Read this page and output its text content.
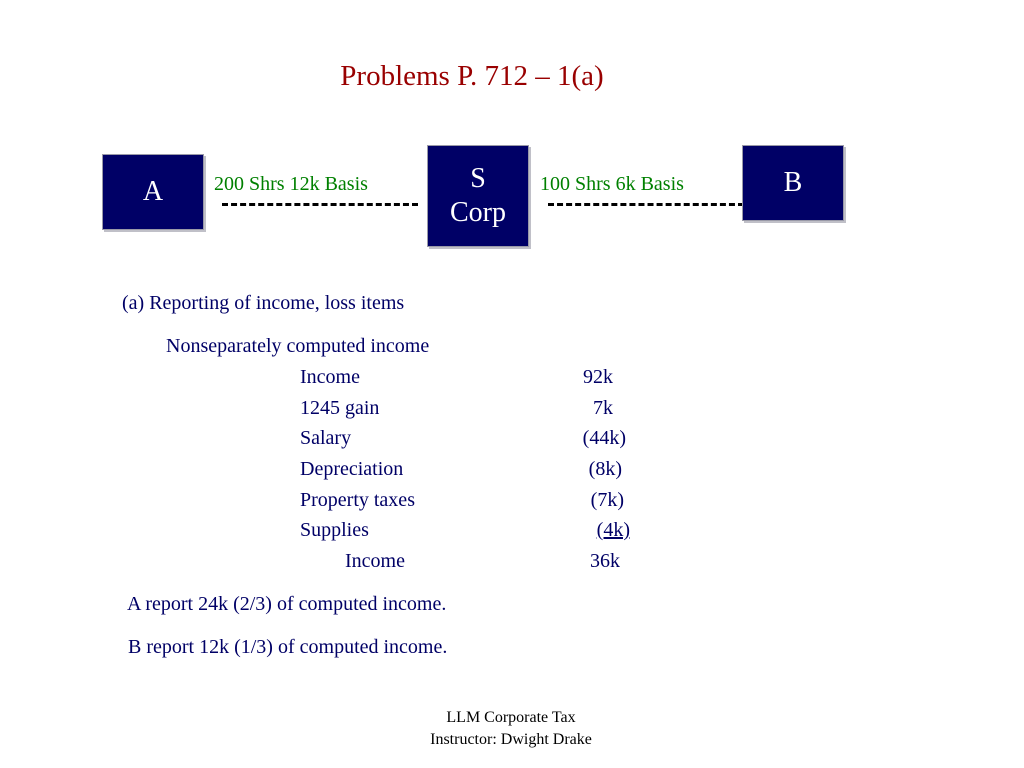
Problems P. 712 – 1(a)
A	200 Shrs 12k Basis	S
Corp
100 Shrs 6k Basis	B
(a) Reporting of income, loss items
Nonseparately computed income
Income	92k
1245 gain	7k
Salary	(44k)
Depreciation	(8k)
Property taxes	(7k)
Supplies	(4k)
Income	36k
A report 24k (2/3) of computed income.
B report 12k (1/3) of computed income.
LLM Corporate Tax
Instructor: Dwight Drake
